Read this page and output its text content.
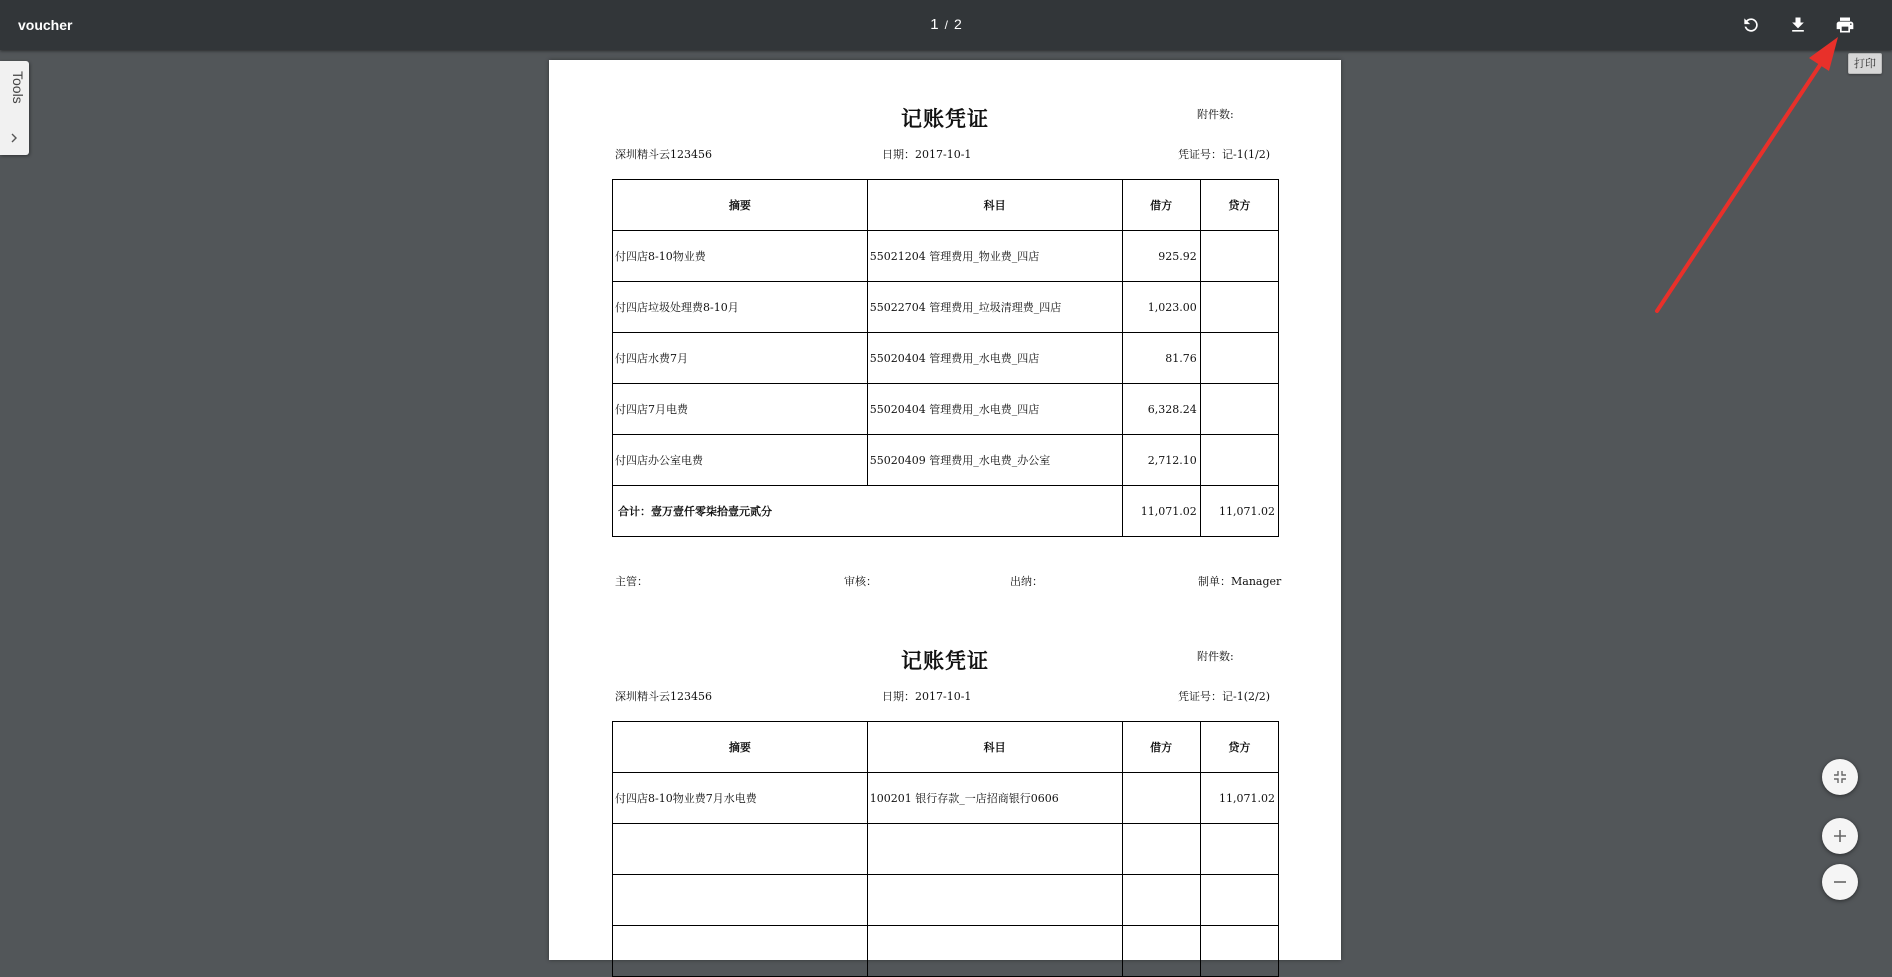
voucher	1 / 2
打印
Tools
记账凭证	附件数:
深圳精斗云123456	日期：2017-10-1	凭证号：记-1(1/2)
摘要	科目	借方	贷方
付四店8-10物业费	55021204 管理费用_物业费_四店	925.92	
付四店垃圾处理费8-10月	55022704 管理费用_垃圾清理费_四店	1,023.00	
付四店水费7月	55020404 管理费用_水电费_四店	81.76	
付四店7月电费	55020404 管理费用_水电费_四店	6,328.24	
付四店办公室电费	55020409 管理费用_水电费_办公室	2,712.10	
合计：壹万壹仟零柒拾壹元贰分		11,071.02	11,071.02
主管：	审核：	出纳：	制单：Manager
记账凭证	附件数:
深圳精斗云123456	日期：2017-10-1	凭证号：记-1(2/2)
摘要	科目	借方	贷方
付四店8-10物业费7月水电费	100201 银行存款_一店招商银行0606		11,071.02
